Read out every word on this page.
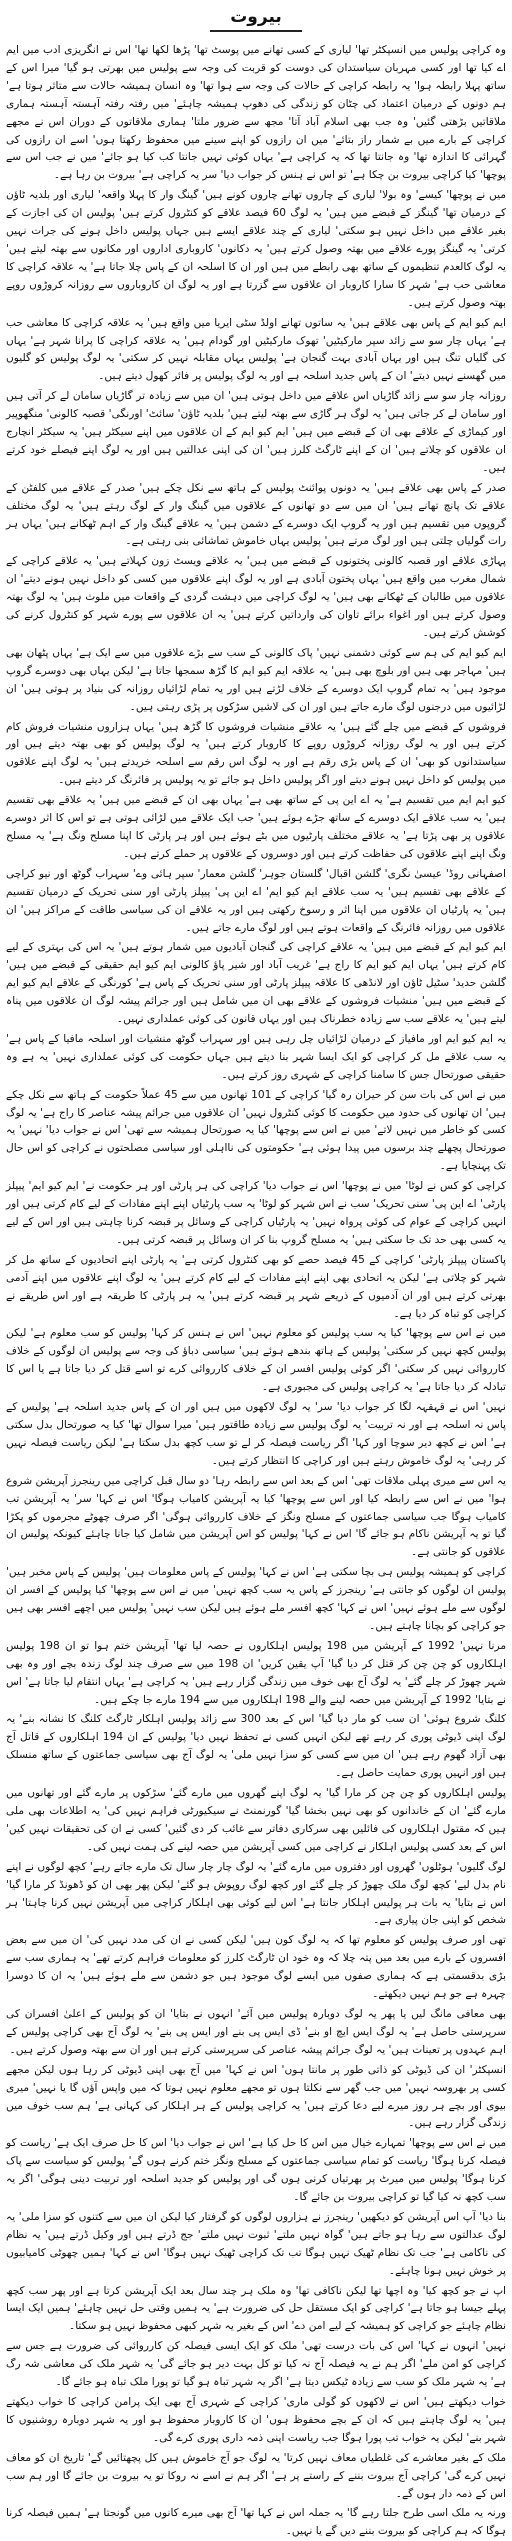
بیروت

وہ کراچی پولیس میں انسپکٹر تھا' لیاری کے کسی تھانے میں پوسٹ تھا' پڑھا لکھا تھا' اس نے انگریزی ادب میں ایم اے کیا تھا اور کسی مہربان سیاستدان کی دوست کو قربت کی وجہ سے پولیس میں بھرتی ہو گیا' میرا اس کے ساتھ پہلا رابطہ ہوا' یہ رابطہ کراچی کے حالات کی وجہ سے ہوا تھا' وہ انسان ہمیشہ حالات سے متاثر ہوتا ہے' ہم دونوں کے درمیان اعتماد کی چٹان کو زندگی کی دھوپ ہمیشہ چاہئے' میں رفتہ رفتہ آہستہ آہستہ ہماری ملاقاتیں بڑھتی گئیں' وہ جب بھی اسلام آباد آتا' مجھ سے ضرور ملتا' ہماری ملاقاتوں کے دوران اس نے مجھے کراچی کے بارے میں بے شمار راز بتائے' میں ان رازوں کو اپنے سینے میں محفوظ رکھتا ہوں' اسے ان رازوں کی گہرائی کا اندازہ تھا' وہ جانتا تھا کہ یہ کراچی ہے' یہاں کوئی نہیں جانتا کب کیا ہو جائے' میں نے جب اس سے پوچھا' کیا کراچی بیروت بن چکا ہے' تو اس نے ہنس کر جواب دیا' سر یہ کراچی ہے' بیروت بن رہا ہے۔

میں نے پوچھا' کیسے' وہ بولا' لیاری کے چاروں تھانے چاروں کونے ہیں' گینگ وار کا پہلا واقعہ' لیاری اور بلدیہ ٹاؤن کے درمیان تھا' گینگز کے قبضے میں ہیں' یہ لوگ 60 فیصد علاقے کو کنٹرول کرتے ہیں' پولیس ان کی اجازت کے بغیر علاقے میں داخل نہیں ہو سکتی' لیاری کے چند علاقے ایسے ہیں جہاں پولیس داخل ہونے کی جرات نہیں کرتی' یہ گینگز پورے علاقے میں بھتہ وصول کرتے ہیں' یہ دکانوں' کاروباری اداروں اور مکانوں سے بھتہ لیتے ہیں' یہ لوگ کالعدم تنظیموں کے ساتھ بھی رابطے میں ہیں اور ان کا اسلحہ ان کے پاس چلا جاتا ہے' یہ علاقہ کراچی کا معاشی حب ہے' شہر کا سارا کاروبار ان علاقوں سے گزرتا ہے اور یہ لوگ ان کاروباروں سے روزانہ کروڑوں روپے بھتہ وصول کرتے ہیں۔

ایم کیو ایم کے پاس بھی علاقے ہیں' یہ ساتوں تھانے اولڈ سٹی ایریا میں واقع ہیں' یہ علاقہ کراچی کا معاشی حب ہے' یہاں چار سو سے زائد سپر مارکیٹیں' تھوک مارکیٹیں اور گودام ہیں' یہ علاقہ کراچی کا پرانا شہر ہے' یہاں کی گلیاں تنگ ہیں اور یہاں آبادی بہت گنجان ہے' پولیس یہاں مقابلہ نہیں کر سکتی' یہ لوگ پولیس کو گلیوں میں گھسنے نہیں دیتے' ان کے پاس جدید اسلحہ ہے اور یہ لوگ پولیس پر فائر کھول دیتے ہیں۔

روزانہ چار سو سے زائد گاڑیاں اس علاقے میں داخل ہوتی ہیں' ان میں سے زیادہ تر گاڑیاں سامان لے کر آتی ہیں اور سامان لے کر جاتی ہیں' یہ لوگ ہر گاڑی سے بھتہ لیتے ہیں' بلدیہ ٹاؤن' سائٹ' اورنگی' قصبہ کالونی' منگھوپیر اور کیماڑی کے علاقے بھی ان کے قبضے میں ہیں' ایم کیو ایم کے ان علاقوں میں اپنے سیکٹر ہیں' یہ سیکٹر انچارج ان علاقوں کو چلاتے ہیں' ان کے اپنے ٹارگٹ کلرز ہیں' ان کی اپنی عدالتیں ہیں اور یہ لوگ اپنے فیصلے خود کرتے ہیں۔

صدر کے پاس بھی علاقے ہیں' یہ دونوں پوائنٹ پولیس کے ہاتھ سے نکل چکے ہیں' صدر کے علاقے میں کلفٹن کے علاقے تک پانچ تھانے ہیں' ان میں سے دو تھانوں کے علاقوں میں گینگ وار کے لوگ رہتے ہیں' یہ لوگ مختلف گروپوں میں تقسیم ہیں اور یہ گروپ ایک دوسرے کے دشمن ہیں' یہ علاقے گینگ وار کے اہم ٹھکانے ہیں' یہاں ہر رات گولیاں چلتی ہیں اور لوگ مرتے ہیں' پولیس یہاں خاموش تماشائی بنی رہتی ہے۔

پہاڑی علاقے اور قصبہ کالونی پختونوں کے قبضے میں ہیں' یہ علاقے ویسٹ زون کہلاتے ہیں' یہ علاقے کراچی کے شمال مغرب میں واقع ہیں' یہاں پختون آبادی ہے اور یہ لوگ اپنے علاقوں میں کسی کو داخل نہیں ہونے دیتے' ان علاقوں میں طالبان کے ٹھکانے بھی ہیں' یہ لوگ کراچی میں دہشت گردی کے واقعات میں ملوث ہیں' یہ لوگ بھتہ وصول کرتے ہیں اور اغواء برائے تاوان کی وارداتیں کرتے ہیں' یہ ان علاقوں سے پورے شہر کو کنٹرول کرنے کی کوشش کرتے ہیں۔

ایم کیو ایم کی ہم سے کوئی دشمنی نہیں' پاک کالونی کے سب سے بڑے علاقوں میں سے ایک ہے' یہاں پٹھان بھی ہیں' مہاجر بھی ہیں اور بلوچ بھی ہیں' یہ علاقہ ایم کیو ایم کا گڑھ سمجھا جاتا ہے' لیکن یہاں بھی دوسرے گروپ موجود ہیں' یہ تمام گروپ ایک دوسرے کے خلاف لڑتے ہیں اور یہ تمام لڑائیاں روزانہ کی بنیاد پر ہوتی ہیں' ان لڑائیوں میں درجنوں لوگ مارے جاتے ہیں اور ان کی لاشیں سڑکوں پر پڑی رہتی ہیں۔

فروشوں کے قبضے میں چلے گئے ہیں' یہ علاقے منشیات فروشوں کا گڑھ ہیں' یہاں ہزاروں منشیات فروش کام کرتے ہیں اور یہ لوگ روزانہ کروڑوں روپے کا کاروبار کرتے ہیں' یہ لوگ پولیس کو بھی بھتہ دیتے ہیں اور سیاستدانوں کو بھی' ان کے پاس بڑی رقم ہے اور یہ لوگ اس رقم سے اسلحہ خریدتے ہیں' یہ لوگ اپنے علاقوں میں پولیس کو داخل نہیں ہونے دیتے اور اگر پولیس داخل ہو جائے تو یہ پولیس پر فائرنگ کر دیتے ہیں۔

کیو ایم ایم میں تقسیم ہے' یہ اے این پی کے ساتھ بھی ہے' یہاں بھی ان کے قبضے میں ہیں' یہ علاقے بھی تقسیم ہیں' یہ سب علاقے ایک دوسرے کے ساتھ جڑے ہوئے ہیں' جب ایک علاقے میں لڑائی ہوتی ہے تو اس کا اثر دوسرے علاقوں پر بھی پڑتا ہے' یہ علاقے مختلف پارٹیوں میں بٹے ہوئے ہیں اور ہر پارٹی کا اپنا مسلح ونگ ہے' یہ مسلح ونگ اپنے اپنے علاقوں کی حفاظت کرتے ہیں اور دوسروں کے علاقوں پر حملے کرتے ہیں۔

اصفہانی روڈ' عیسیٰ نگری' گلشن اقبال' گلستان جوہر' گلشن معمار' سپر ہائی وے' سہراب گوٹھ اور نیو کراچی کے علاقے بھی تقسیم ہیں' یہ سب علاقے ایم کیو ایم' اے این پی' پیپلز پارٹی اور سنی تحریک کے درمیان تقسیم ہیں' یہ پارٹیاں ان علاقوں میں اپنا اثر و رسوخ رکھتی ہیں اور یہ علاقے ان کی سیاسی طاقت کے مراکز ہیں' ان علاقوں میں روزانہ فائرنگ کے واقعات ہوتے ہیں اور لوگ مارے جاتے ہیں۔

ایم کیو ایم کے قبضے میں ہیں' یہ علاقے کراچی کی گنجان آبادیوں میں شمار ہوتے ہیں' یہ اس کی بہتری کے لیے کام کرتے ہیں' یہاں ایم کیو ایم کا راج ہے' غریب آباد اور شیر پاؤ کالونی ایم کیو ایم حقیقی کے قبضے میں ہیں' گلشن حدید' سٹیل ٹاؤن اور لانڈھی کا علاقہ پیپلز پارٹی اور سنی تحریک کے پاس ہے' کورنگی کے علاقے ایم کیو ایم کے قبضے میں ہیں' منشیات فروشوں کے علاقے بھی ان میں شامل ہیں اور جرائم پیشہ لوگ ان علاقوں میں پناہ لیتے ہیں' یہ علاقے سب سے زیادہ خطرناک ہیں اور یہاں قانون کی کوئی عملداری نہیں۔

یہ ایم کیو ایم اور مافیاز کے درمیان لڑائیاں چل رہی ہیں اور سہراب گوٹھ منشیات اور اسلحہ مافیا کے پاس ہے' یہ سب علاقے مل کر کراچی کو ایک ایسا شہر بنا دیتے ہیں جہاں حکومت کی کوئی عملداری نہیں' یہ ہے وہ حقیقی صورتحال جس کا سامنا کراچی کے شہری روز کرتے ہیں۔

میں نے اس کی بات سن کر حیران رہ گیا' کراچی کے 101 تھانوں میں سے 45 عملاً حکومت کے ہاتھ سے نکل چکے ہیں' ان تھانوں کی حدود میں حکومت کا کوئی کنٹرول نہیں' ان علاقوں میں جرائم پیشہ عناصر کا راج ہے' یہ لوگ کسی کو خاطر میں نہیں لاتے' میں نے اس سے پوچھا' کیا یہ صورتحال ہمیشہ سے تھی' اس نے جواب دیا' نہیں' یہ صورتحال پچھلے چند برسوں میں پیدا ہوئی ہے' حکومتوں کی نااہلی اور سیاسی مصلحتوں نے کراچی کو اس حال تک پہنچایا ہے۔

کراچی کو کس نے لوٹا' میں نے پوچھا' اس نے جواب دیا' کراچی کی ہر پارٹی اور ہر حکومت نے' ایم کیو ایم' پیپلز پارٹی' اے این پی' سنی تحریک' سب نے اس شہر کو لوٹا' یہ سب پارٹیاں اپنے اپنے مفادات کے لیے کام کرتی ہیں اور انہیں کراچی کے عوام کی کوئی پرواہ نہیں' یہ پارٹیاں کراچی کے وسائل پر قبضہ کرنا چاہتی ہیں اور اس کے لیے یہ کسی بھی حد تک جا سکتی ہیں' یہ مسلح گروپ بنا کر ان وسائل پر قبضہ کرتی ہیں۔

پاکستان پیپلز پارٹی' کراچی کے 45 فیصد حصے کو بھی کنٹرول کرتی ہے' یہ پارٹی اپنے اتحادیوں کے ساتھ مل کر شہر کو چلاتی ہے' لیکن یہ اتحادی بھی اپنے اپنے مفادات کے لیے کام کرتے ہیں' یہ لوگ اپنے علاقوں میں اپنے آدمی بھرتی کرتے ہیں اور ان آدمیوں کے ذریعے شہر پر قبضہ کرتے ہیں' یہ ہر پارٹی کا طریقہ ہے اور اس طریقے نے کراچی کو تباہ کر دیا ہے۔

میں نے اس سے پوچھا' کیا یہ سب پولیس کو معلوم نہیں' اس نے ہنس کر کہا' پولیس کو سب معلوم ہے' لیکن پولیس کچھ نہیں کر سکتی' پولیس کے ہاتھ بندھے ہوئے ہیں' سیاسی دباؤ کی وجہ سے پولیس ان لوگوں کے خلاف کارروائی نہیں کر سکتی' اگر کوئی پولیس افسر ان کے خلاف کارروائی کرے تو اسے قتل کر دیا جاتا ہے یا اس کا تبادلہ کر دیا جاتا ہے' یہ کراچی پولیس کی مجبوری ہے۔

نہیں' اس نے قہقہہ لگا کر جواب دیا' سر' یہ لوگ لاکھوں میں ہیں اور ان کے پاس جدید اسلحہ ہے' پولیس کے پاس نہ اسلحہ ہے اور نہ تربیت' یہ لوگ پولیس سے زیادہ طاقتور ہیں' میرا سوال تھا' کیا یہ صورتحال بدل سکتی ہے' اس نے کچھ دیر سوچا اور کہا' اگر ریاست فیصلہ کر لے تو سب کچھ بدل سکتا ہے' لیکن ریاست فیصلہ نہیں کر رہی' یہ لوگ خاموش رہتے ہیں اور کراچی کا انتظار کرتے ہیں۔

یہ اس سے میری پہلی ملاقات تھی' اس کے بعد اس سے رابطہ رہا' دو سال قبل کراچی میں رینجرز آپریشن شروع ہوا' میں نے اس سے رابطہ کیا اور اس سے پوچھا' کیا یہ آپریشن کامیاب ہوگا' اس نے کہا' سر' یہ آپریشن تب کامیاب ہوگا جب سیاسی جماعتوں کے مسلح ونگز کے خلاف کارروائی ہوگی' اگر صرف چھوٹے مجرموں کو پکڑا گیا تو یہ آپریشن ناکام ہو جائے گا' اس نے کہا' پولیس کو اس آپریشن میں شامل کیا جانا چاہئے کیونکہ پولیس ان علاقوں کو جانتی ہے۔

کراچی کو ہمیشہ پولیس ہی بچا سکتی ہے' اس نے کہا' پولیس کے پاس معلومات ہیں' پولیس کے پاس مخبر ہیں' پولیس ان لوگوں کو جانتی ہے' رینجرز کے پاس یہ سب کچھ نہیں' میں نے اس سے پوچھا' کیا پولیس کے افسر ان لوگوں سے ملے ہوئے نہیں' اس نے کہا' کچھ افسر ملے ہوئے ہیں لیکن سب نہیں' پولیس میں اچھے افسر بھی ہیں جو کراچی کو بچانا چاہتے ہیں۔

مرنا نہیں' 1992 کے آپریشن میں 198 پولیس اہلکاروں نے حصہ لیا تھا' آپریشن ختم ہوا تو ان 198 پولیس اہلکاروں کو چن چن کر قتل کر دیا گیا' آپ یقین کریں' ان 198 میں سے صرف چند لوگ زندہ بچے اور وہ بھی شہر چھوڑ کر چلے گئے' یہ لوگ آج بھی خوف میں زندگی گزار رہے ہیں' یہ کراچی ہے' یہاں انتقام لیا جاتا ہے' اس نے بتایا' 1992 کے آپریشن میں حصہ لینے والے 198 اہلکاروں میں سے 194 مارے جا چکے ہیں۔

کلنگ شروع ہوئی' ان سب کو مار دیا گیا' اس کے بعد 300 سے زائد پولیس اہلکار ٹارگٹ کلنگ کا نشانہ بنے' یہ لوگ اپنی ڈیوٹی پوری کر رہے تھے لیکن انہیں کسی نے تحفظ نہیں دیا' پولیس کے ان 194 اہلکاروں کے قاتل آج بھی آزاد گھوم رہے ہیں' ان میں سے کسی کو سزا نہیں ملی' یہ لوگ آج بھی سیاسی جماعتوں کے ساتھ منسلک ہیں اور انہیں پوری حمایت حاصل ہے۔

پولیس اہلکاروں کو چن چن کر مارا گیا' یہ لوگ اپنے گھروں میں مارے گئے' سڑکوں پر مارے گئے اور تھانوں میں مارے گئے' ان کے خاندانوں کو بھی نہیں بخشا گیا' گورنمنٹ نے سیکیورٹی فراہم نہیں کی' یہ اطلاعات بھی ملی ہیں کہ مقتول اہلکاروں کی فائلیں بھی سرکاری دفاتر سے غائب کر دی گئیں' کسی نے ان کی تحقیقات نہیں کیں' اس کے بعد کسی پولیس اہلکار نے کراچی میں کسی آپریشن میں حصہ لینے کی ہمت نہیں کی۔

لوگ گلیوں' ہوٹلوں' گھروں اور دفتروں میں مارے گئے' یہ لوگ چار چار سال تک مارے جاتے رہے' کچھ لوگوں نے اپنے نام بدل لیے' کچھ لوگ ملک چھوڑ کر چلے گئے اور کچھ لوگ روپوش ہو گئے' لیکن پھر بھی ان کو ڈھونڈ کر مارا گیا' اس نے بتایا' یہ بات ہر پولیس اہلکار جانتا ہے' اس لیے کوئی بھی اہلکار کراچی میں آپریشن نہیں کرنا چاہتا' ہر شخص کو اپنی جان پیاری ہے۔

تھی اور صرف پولیس کو معلوم تھا کہ یہ لوگ کون ہیں' لیکن کسی نے ان کی مدد نہیں کی' ان میں سے بعض افسروں کے بارے میں بعد میں پتہ چلا کہ وہ خود ان ٹارگٹ کلرز کو معلومات فراہم کرتے تھے' یہ ہماری سب سے بڑی بدقسمتی ہے کہ ہماری صفوں میں ایسے لوگ موجود ہیں جو دشمن سے ملے ہوئے ہیں' یہ ان کا دوسرا چہرہ ہے جو ہم نہیں دیکھتے۔

بھی معافی مانگ لیں یا پھر یہ لوگ دوبارہ پولیس میں آئے' انہوں نے بتایا' ان کو پولیس کے اعلیٰ افسران کی سرپرستی حاصل ہے' یہ لوگ ایس ایچ او بنے' ڈی ایس پی بنے اور ایس پی بنے' یہ لوگ آج بھی کراچی پولیس کے اہم عہدوں پر تعینات ہیں' یہ لوگ جرائم پیشہ عناصر کی سرپرستی کرتے ہیں اور ان سے بھتہ وصول کرتے ہیں۔

انسپکٹر' ان کی ڈیوٹی کو ذاتی طور پر مانتا ہوں' اس نے کہا' میں آج بھی اپنی ڈیوٹی کر رہا ہوں لیکن مجھے کسی پر بھروسہ نہیں' میں جب گھر سے نکلتا ہوں تو مجھے معلوم نہیں ہوتا کہ میں واپس آؤں گا یا نہیں' میری بیوی اور بچے ہر روز میرے لیے دعا کرتے ہیں' یہ کراچی پولیس کے ہر اہلکار کی کہانی ہے' ہم سب خوف میں زندگی گزار رہے ہیں۔

میں نے اس سے پوچھا' تمہارے خیال میں اس کا حل کیا ہے' اس نے جواب دیا' اس کا حل صرف ایک ہے' ریاست کو فیصلہ کرنا ہوگا' ریاست کو تمام سیاسی جماعتوں کے مسلح ونگز ختم کرنے ہوں گے' پولیس کو سیاست سے پاک کرنا ہوگا' پولیس میں میرٹ پر بھرتیاں کرنی ہوں گی اور پولیس کو جدید اسلحہ اور تربیت دینی ہوگی' اگر یہ سب کچھ نہ کیا گیا تو کراچی بیروت بن جائے گا۔

بنا دیا' آپ اس آپریشن کو دیکھیں' رینجرز نے ہزاروں لوگوں کو گرفتار کیا لیکن ان میں سے کتنوں کو سزا ملی' یہ لوگ عدالتوں سے رہا ہو جاتے ہیں' گواہ نہیں ملتے' ثبوت نہیں ملتے' جج ڈرتے ہیں اور وکیل ڈرتے ہیں' یہ نظام کی ناکامی ہے' جب تک نظام ٹھیک نہیں ہوگا تب تک کراچی ٹھیک نہیں ہوگا' اس نے کہا' ہمیں چھوٹی کامیابیوں پر خوش نہیں ہونا چاہئے۔

اپ نے جو کچھ کیا' وہ اچھا تھا لیکن ناکافی تھا' وہ ملک ہر چند سال بعد ایک آپریشن کرتا ہے اور پھر سب کچھ پہلے جیسا ہو جاتا ہے' کراچی کو ایک مستقل حل کی ضرورت ہے' یہ ہمیں وقتی حل نہیں چاہئے' ہمیں ایک ایسا نظام چاہئے جو کراچی کو ہمیشہ کے لیے امن دے' اس کے بغیر یہ شہر کبھی محفوظ نہیں ہو سکتا۔

نہیں' انہوں نے کہا' اس کی بات درست تھی' ملک کو ایک ایسی فیصلہ کن کارروائی کی ضرورت ہے جس سے کراچی کو امن ملے' اگر ہم نے یہ فیصلہ آج نہ کیا تو کل بہت دیر ہو جائے گی' یہ شہر ملک کی معاشی شہ رگ ہے' یہ شہر ملک کو سب سے زیادہ ٹیکس دیتا ہے' اگر یہ شہر تباہ ہو گیا تو پورا ملک تباہ ہو جائے گا۔

خواب دیکھتے ہیں' اس نے لاکھوں کو گولی ماری' کراچی کے شہری آج بھی ایک پرامن کراچی کا خواب دیکھتے ہیں' یہ لوگ چاہتے ہیں کہ ان کے بچے محفوظ ہوں' ان کا کاروبار محفوظ ہو اور یہ شہر دوبارہ روشنیوں کا شہر بنے' لیکن یہ خواب تب پورا ہوگا جب ریاست اپنی ذمہ داری پوری کرے گی۔

ملک کے بغیر معاشرے کی غلطیاں معاف نہیں کرتا' یہ لوگ جو آج خاموش ہیں کل پچھتائیں گے' تاریخ ان کو معاف نہیں کرے گی' کراچی آج بیروت بننے کے راستے پر ہے' اگر ہم نے اسے نہ روکا تو یہ بیروت بن جائے گا اور ہم سب اس کے ذمہ دار ہوں گے۔

ورنہ یہ ملک اسی طرح جلتا رہے گا' یہ جملہ اس نے کہا تھا' آج بھی میرے کانوں میں گونجتا ہے' ہمیں فیصلہ کرنا ہوگا کہ ہم کراچی کو بیروت بننے دیں گے یا نہیں۔
